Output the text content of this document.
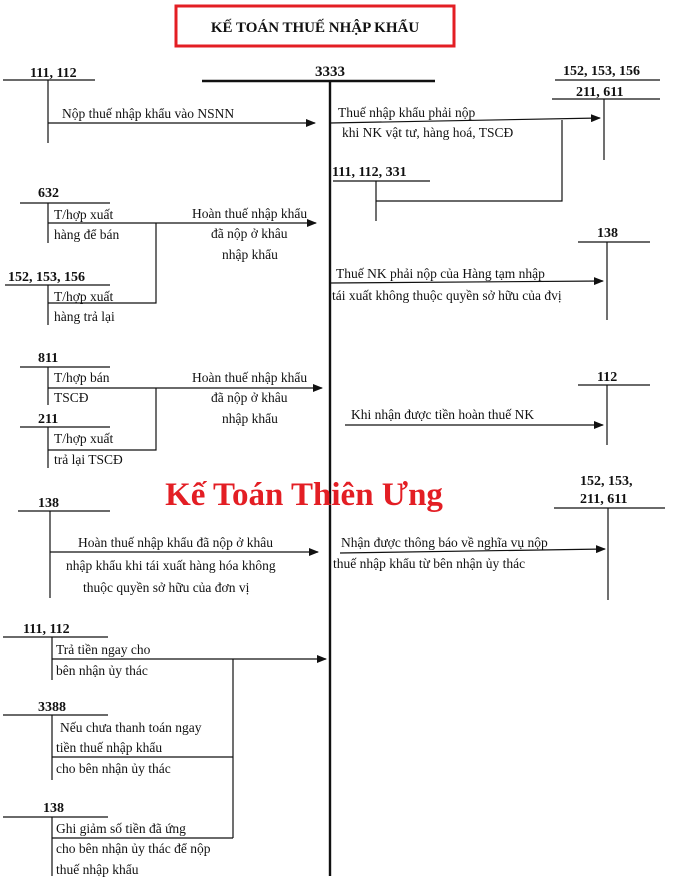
KẾ TOÁN THUẾ NHẬP KHẨU
3333
111, 112
Nộp thuế nhập khẩu vào NSNN
152, 153, 156
211, 611
Thuế nhập khẩu phải nộp
khi NK vật tư, hàng hoá, TSCĐ
111, 112, 331
632
T/hợp xuất
hàng để bán
Hoàn thuế nhập khẩu
đã nộp ở khâu
nhập khẩu
152, 153, 156
T/hợp xuất
hàng trả lại
138
Thuế NK phải nộp của Hàng tạm nhập
tái xuất không thuộc quyền sở hữu của đvị
811
T/hợp bán
TSCĐ
Hoàn thuế nhập khẩu
đã nộp ở khâu
nhập khẩu
211
T/hợp xuất
trả lại TSCĐ
112
Khi nhận được tiền hoàn thuế NK
Kế Toán Thiên Ưng	152, 153,
211, 611
Nhận được thông báo về nghĩa vụ nộp
thuế nhập khẩu từ bên nhận ủy thác
138
Hoàn thuế nhập khẩu đã nộp ở khâu
nhập khẩu khi tái xuất hàng hóa không
thuộc quyền sở hữu của đơn vị
111, 112
Trả tiền ngay cho
bên nhận ủy thác
3388
Nếu chưa thanh toán ngay
tiền thuế nhập khẩu
cho bên nhận ủy thác
138
Ghi giảm số tiền đã ứng
cho bên nhận ủy thác để nộp
thuế nhập khẩu
